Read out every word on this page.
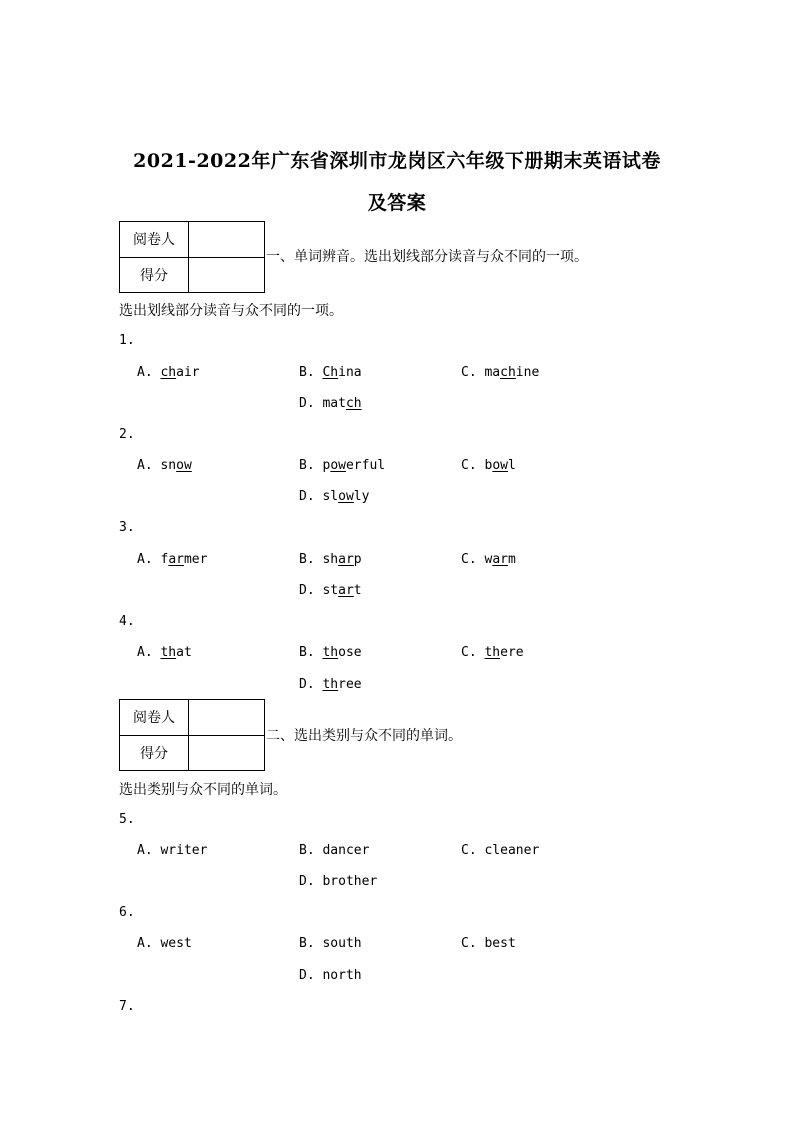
2021-2022年广东省深圳市龙岗区六年级下册期末英语试卷
及答案
阅卷人	
得分	
一、单词辨音。选出划线部分读音与众不同的一项。
选出划线部分读音与众不同的一项。
1.
A. chair	B. China	C. machine
D. match
2.
A. snow	B. powerful	C. bowl
D. slowly
3.
A. farmer	B. sharp	C. warm
D. start
4.
A. that	B. those	C. there
D. three
阅卷人	
得分	
二、选出类别与众不同的单词。
选出类别与众不同的单词。
5.
A. writer	B. dancer	C. cleaner
D. brother
6.
A. west	B. south	C. best
D. north
7.
